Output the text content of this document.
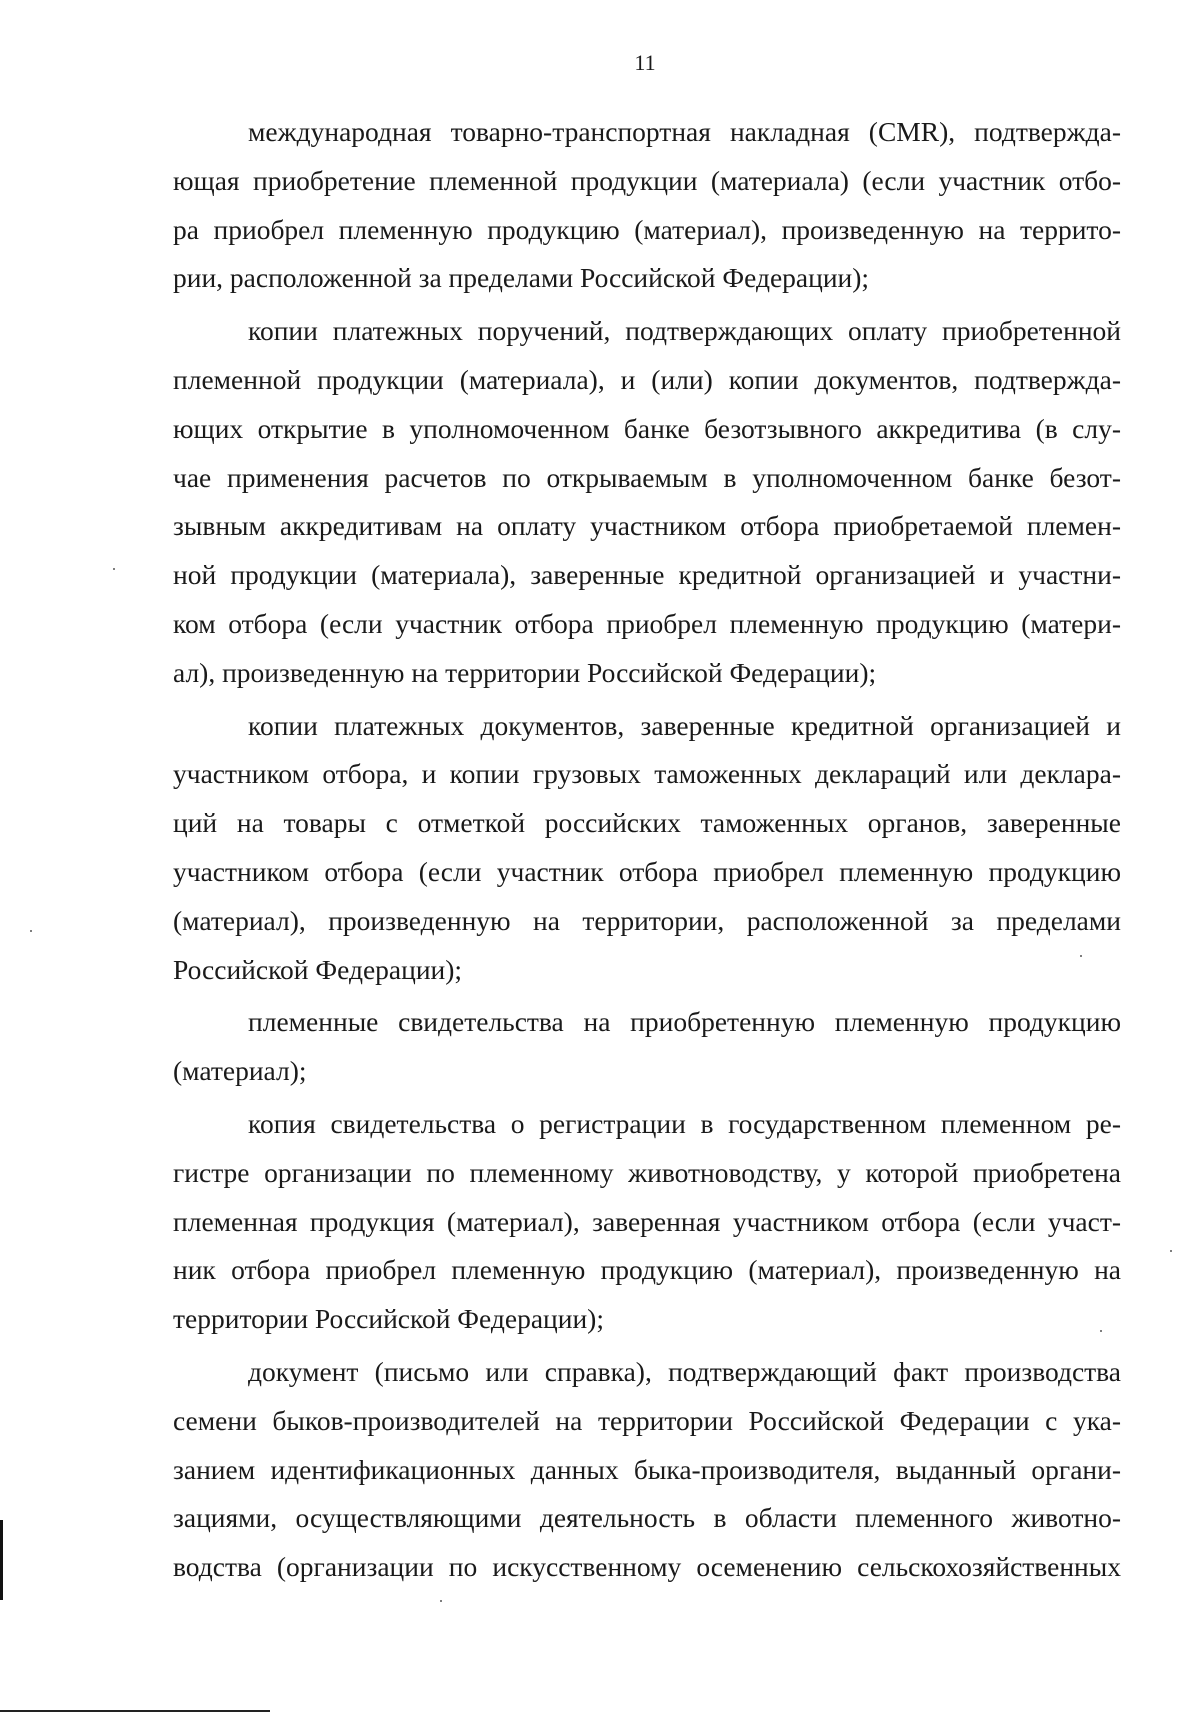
11
международная товарно-транспортная накладная (CMR), подтвержда-
ющая приобретение племенной продукции (материала) (если участник отбо-
ра приобрел племенную продукцию (материал), произведенную на террито-
рии, расположенной за пределами Российской Федерации);
копии платежных поручений, подтверждающих оплату приобретенной
племенной продукции (материала), и (или) копии документов, подтвержда-
ющих открытие в уполномоченном банке безотзывного аккредитива (в слу-
чае применения расчетов по открываемым в уполномоченном банке безот-
зывным аккредитивам на оплату участником отбора приобретаемой племен-
ной продукции (материала), заверенные кредитной организацией и участни-
ком отбора (если участник отбора приобрел племенную продукцию (матери-
ал), произведенную на территории Российской Федерации);
копии платежных документов, заверенные кредитной организацией и
участником отбора, и копии грузовых таможенных деклараций или деклара-
ций на товары с отметкой российских таможенных органов, заверенные
участником отбора (если участник отбора приобрел племенную продукцию
(материал), произведенную на территории, расположенной за пределами
Российской Федерации);
племенные свидетельства на приобретенную племенную продукцию
(материал);
копия свидетельства о регистрации в государственном племенном ре-
гистре организации по племенному животноводству, у которой приобретена
племенная продукция (материал), заверенная участником отбора (если участ-
ник отбора приобрел племенную продукцию (материал), произведенную на
территории Российской Федерации);
документ (письмо или справка), подтверждающий факт производства
семени быков-производителей на территории Российской Федерации с ука-
занием идентификационных данных быка-производителя, выданный органи-
зациями, осуществляющими деятельность в области племенного животно-
водства (организации по искусственному осеменению сельскохозяйственных
